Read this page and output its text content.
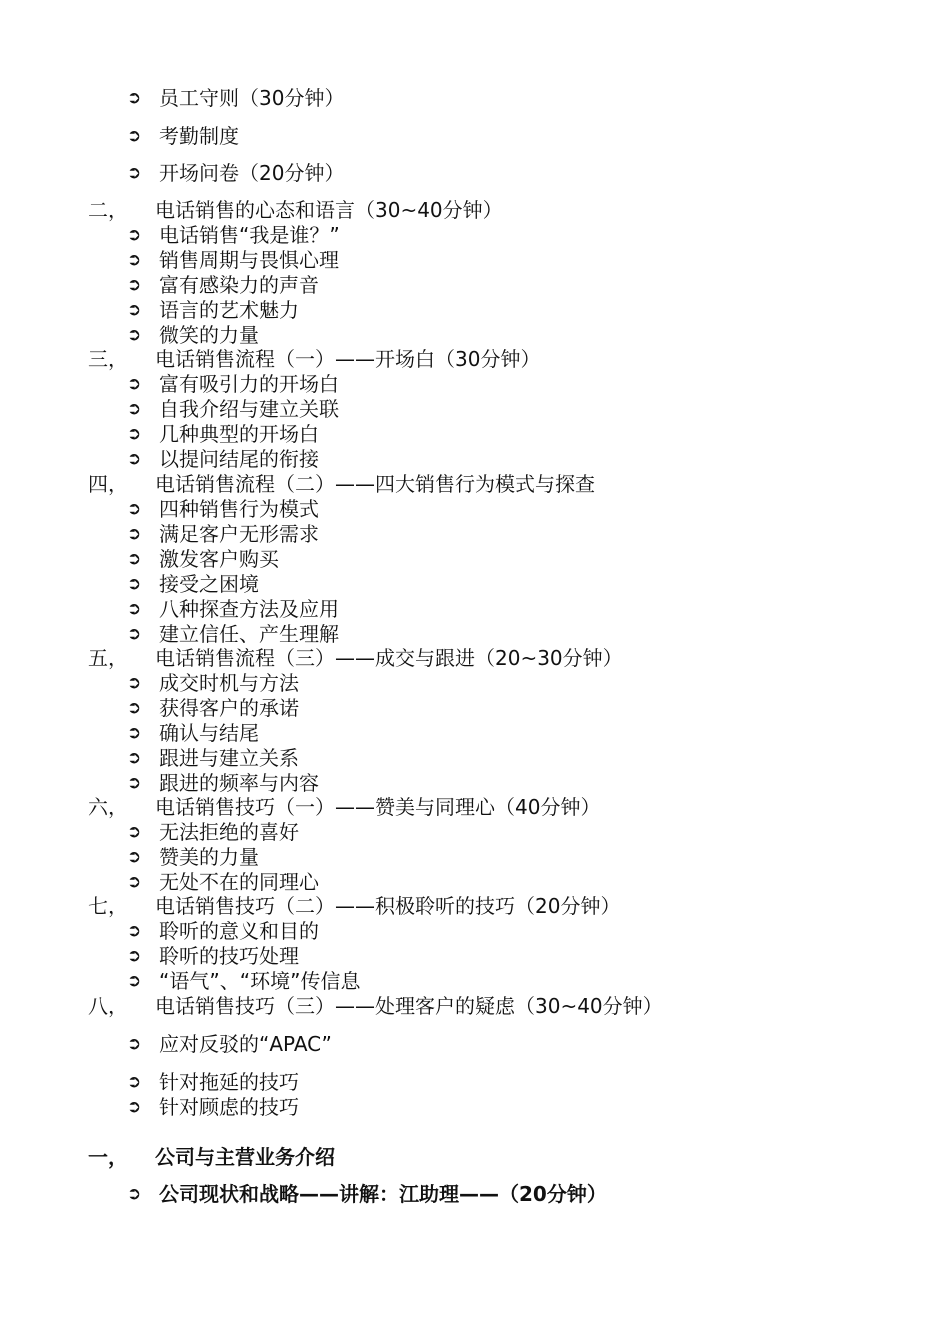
➲ 员工守则（30分钟）
➲ 考勤制度
➲ 开场问卷（20分钟）
二， 电话销售的心态和语言（30~40分钟）
➲ 电话销售“我是谁？”
➲ 销售周期与畏惧心理
➲ 富有感染力的声音
➲ 语言的艺术魅力
➲ 微笑的力量
三， 电话销售流程（一）——开场白（30分钟）
➲ 富有吸引力的开场白
➲ 自我介绍与建立关联
➲ 几种典型的开场白
➲ 以提问结尾的衔接
四， 电话销售流程（二）——四大销售行为模式与探查
➲ 四种销售行为模式
➲ 满足客户无形需求
➲ 激发客户购买
➲ 接受之困境
➲ 八种探查方法及应用
➲ 建立信任、产生理解
五， 电话销售流程（三）——成交与跟进（20~30分钟）
➲ 成交时机与方法
➲ 获得客户的承诺
➲ 确认与结尾
➲ 跟进与建立关系
➲ 跟进的频率与内容
六， 电话销售技巧（一）——赞美与同理心（40分钟）
➲ 无法拒绝的喜好
➲ 赞美的力量
➲ 无处不在的同理心
七， 电话销售技巧（二）——积极聆听的技巧（20分钟）
➲ 聆听的意义和目的
➲ 聆听的技巧处理
➲ “语气”、“环境”传信息
八， 电话销售技巧（三）——处理客户的疑虑（30~40分钟）
➲ 应对反驳的“APAC”
➲ 针对拖延的技巧
➲ 针对顾虑的技巧
一， 公司与主营业务介绍
➲ 公司现状和战略——讲解：江助理——（20分钟）
